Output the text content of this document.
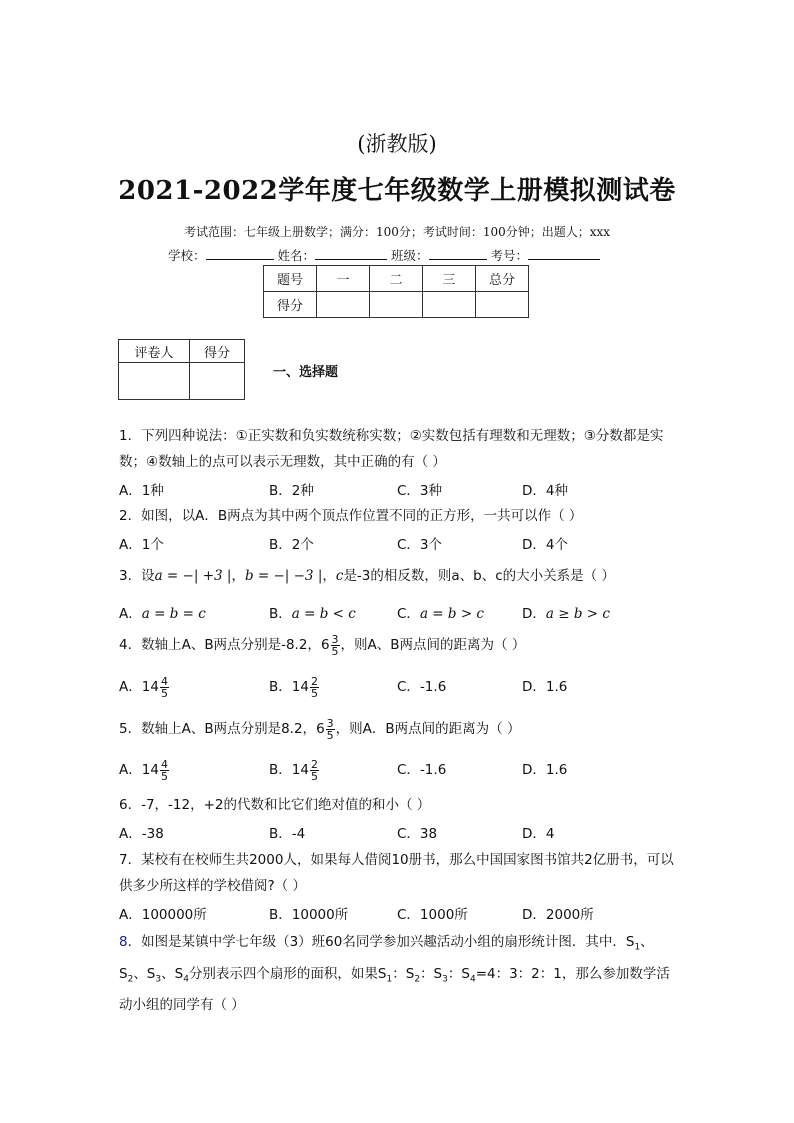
(浙教版)
2021-2022学年度七年级数学上册模拟测试卷
考试范围：七年级上册数学；满分：100分；考试时间：100分钟；出题人；xxx
学校：	姓名：	班级：	考号：
题号	一	二	三	总分
得分				
评卷人	得分

一、选择题
1．下列四种说法：①正实数和负实数统称实数；②实数包括有理数和无理数；③分数都是实数；④数轴上的点可以表示无理数，其中正确的有（ ）
A．1种	B．2种	C．3种	D．4种
2．如图，以A．B两点为其中两个顶点作位置不同的正方形，一共可以作（ ）
A．1个	B．2个	C．3个	D．4个
3．设a = −| +3 |，b = −| −3 |，c是-3的相反数，则a、b、c的大小关系是（ ）
A．a = b = c	B．a = b < c	C．a = b > c	D．a ≥ b > c
4．数轴上A、B两点分别是-8.2，$6 \frac{3}{5}$ ，则A、B两点间的距离为（ ）
A．$14 \frac{4}{5}$	B．$14 \frac{2}{5}$	C．-1.6	D．1.6
5．数轴上A、B两点分别是8.2，$6 \frac{3}{5}$ ，则A．B两点间的距离为（ ）
A．$14 \frac{4}{5}$	B．$14 \frac{2}{5}$	C．-1.6	D．1.6
6．-7，-12，+2的代数和比它们绝对值的和小（ ）
A．-38	B．-4	C．38	D．4
7．某校有在校师生共2000人，如果每人借阅10册书，那么中国国家图书馆共2亿册书，可以供多少所这样的学校借阅?（ ）
A．100000所	B．10000所	C．1000所	D．2000所
8．如图是某镇中学七年级（3）班60名同学参加兴趣活动小组的扇形统计图．其中．$S_1$、$S_2$、$S_3$、$S_4$分别表示四个扇形的面积，如果$S_1$：$S_2$：$S_3$：$S_4=4$：3：2：1，那么参加数学活动小组的同学有（ ）
